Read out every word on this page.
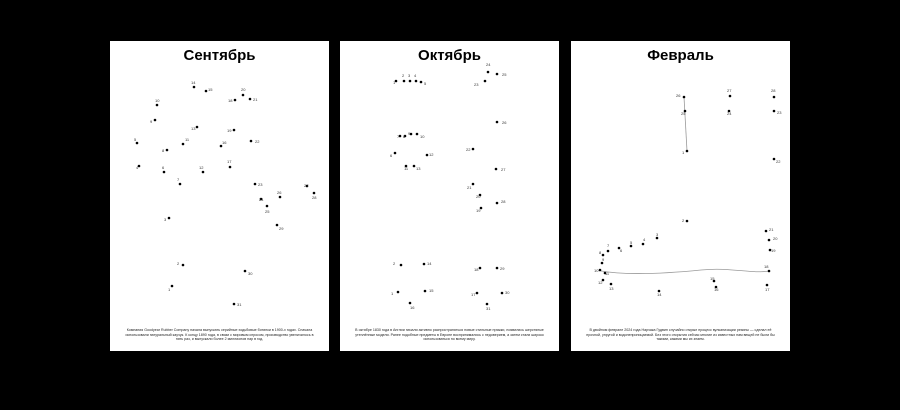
Сентябрь
1
2
3
4
5
6
7
8
9
10
11
12
13
14
15
16
17
18
19
20
21
22
23
24
25
26
27
28
29
30
31
Компания Goodyear Rubber Company начала выпускать серийные ходьбовые ботинки в 1900-х годах. Сначала использовали натуральный каучук. К концу 1890 года, в связи с мировым спросом, производство увеличилось в пять раз, и выпускали более 2 миллионов пар в год.
Октябрь
1
2 3 4
5
6
7 8
9
10
11
12
13
14
15
16
17
18
19
20
21
22
23
24
25
26
27
28
29
30
31
2
1
В октябре 1830 года в Англии начали активно распространяться новые стильные пряжки, появились шерстяные утеплённые модели. Ранее подобные предметы в Европе воспринимались с недоверием, а затем стали широко использоваться по всему миру.
Февраль
1
2
3
4
5
6
7
8
9
10
11
12
13
14
15
16	17
18
19
20
21
22
23
24
25
26
27	28
В двойном феврале 2024 года Нарчака Гудвин случайно открыл процесс вулканизации резины — сделал её прочной, упругой и водонепроницаемой. Без этого открытия сейчас многие из известных нам вещей не были бы такими, какими мы их знаем.
